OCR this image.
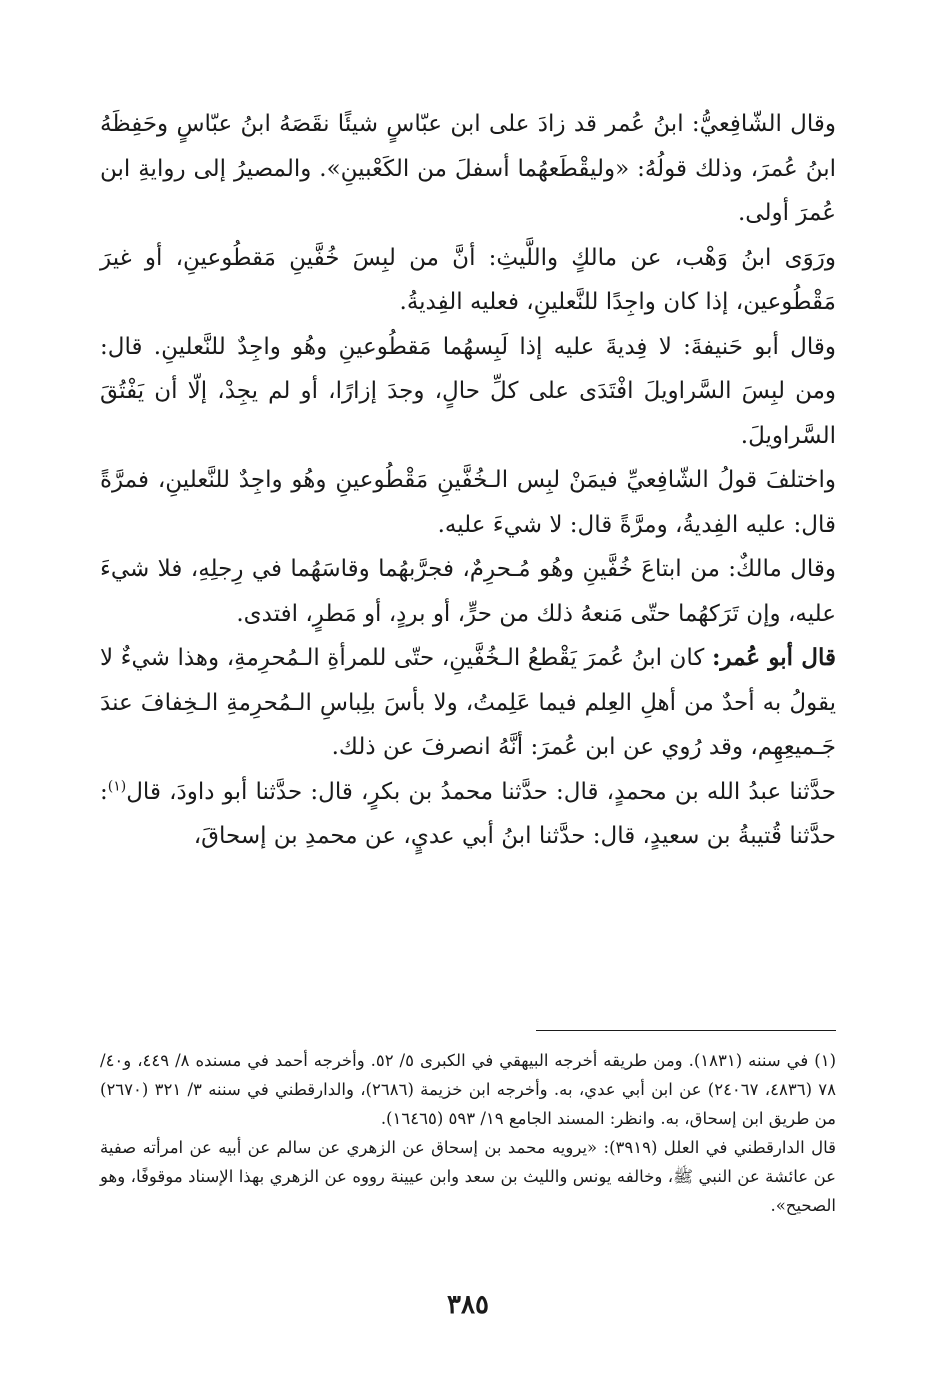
وقال الشّافِعيُّ: ابنُ عُمر قد زادَ على ابن عبّاسٍ شيئًا نقَصَهُ ابنُ عبّاسٍ وحَفِظَهُ ابنُ عُمرَ، وذلك قولُهُ: «وليقْطَعهُما أسفلَ من الكَعْبينِ». والمصيرُ إلى روايةِ ابن عُمرَ أولى.

ورَوَى ابنُ وَهْب، عن مالكٍ واللَّيثِ: أنَّ من لبِسَ خُفَّينِ مَقطُوعينِ، أو غيرَ مَقْطُوعين، إذا كان واجِدًا للنَّعلينِ، فعليه الفِديةُ.

وقال أبو حَنيفةَ: لا فِديةَ عليه إذا لَبِسهُما مَقطُوعينِ وهُو واجِدٌ للنَّعلينِ. قال: ومن لبِسَ السَّراويلَ افْتَدَى على كلِّ حالٍ، وجدَ إزارًا، أو لم يجِدْ، إلّا أن يَفْتُقَ السَّراويلَ.

واختلفَ قولُ الشّافِعيِّ فيمَنْ لبِس الـخُفَّينِ مَقْطُوعينِ وهُو واجِدٌ للنَّعلينِ، فمرَّةً قال: عليه الفِديةُ، ومرَّةً قال: لا شيءَ عليه.

وقال مالكٌ: من ابتاعَ خُفَّينِ وهُو مُـحرِمٌ، فجرَّبهُما وقاسَهُما في رِجلِهِ، فلا شيءَ عليه، وإن تَرَكهُما حتّى مَنعهُ ذلك من حرٍّ، أو بردٍ، أو مَطرٍ، افتدى.

قال أبو عُمر: كان ابنُ عُمرَ يَقْطعُ الـخُفَّينِ، حتّى للمرأةِ الـمُحرِمةِ، وهذا شيءٌ لا يقولُ به أحدٌ من أهلِ العِلم فيما عَلِمتُ، ولا بأسَ بلِباسِ الـمُحرِمةِ الـخِفافَ عندَ جَـميعِهِم، وقد رُوي عن ابن عُمرَ: أنَّهُ انصرفَ عن ذلك.

حدَّثنا عبدُ الله بن محمدٍ، قال: حدَّثنا محمدُ بن بكرٍ، قال: حدَّثنا أبو داودَ، قال$^{(١)}$: حدَّثنا قُتيبةُ بن سعيدٍ، قال: حدَّثنا ابنُ أبي عديٍ، عن محمدِ بن إسحاقَ،

(١) في سننه (١٨٣١). ومن طريقه أخرجه البيهقي في الكبرى ٥/ ٥٢. وأخرجه أحمد في مسنده ٨/ ٤٤٩، و٤٠/ ٧٨ (٤٨٣٦، ٢٤٠٦٧) عن ابن أبي عدي، به. وأخرجه ابن خزيمة (٢٦٨٦)، والدارقطني في سننه ٣/ ٣٢١ (٢٦٧٠) من طريق ابن إسحاق، به. وانظر: المسند الجامع ١٩/ ٥٩٣ (١٦٤٦٥).

قال الدارقطني في العلل (٣٩١٩): «يرويه محمد بن إسحاق عن الزهري عن سالم عن أبيه عن امرأته صفية عن عائشة عن النبي ﷺ، وخالفه يونس والليث بن سعد وابن عيينة رووه عن الزهري بهذا الإسناد موقوفًا، وهو الصحيح».

٣٨٥
